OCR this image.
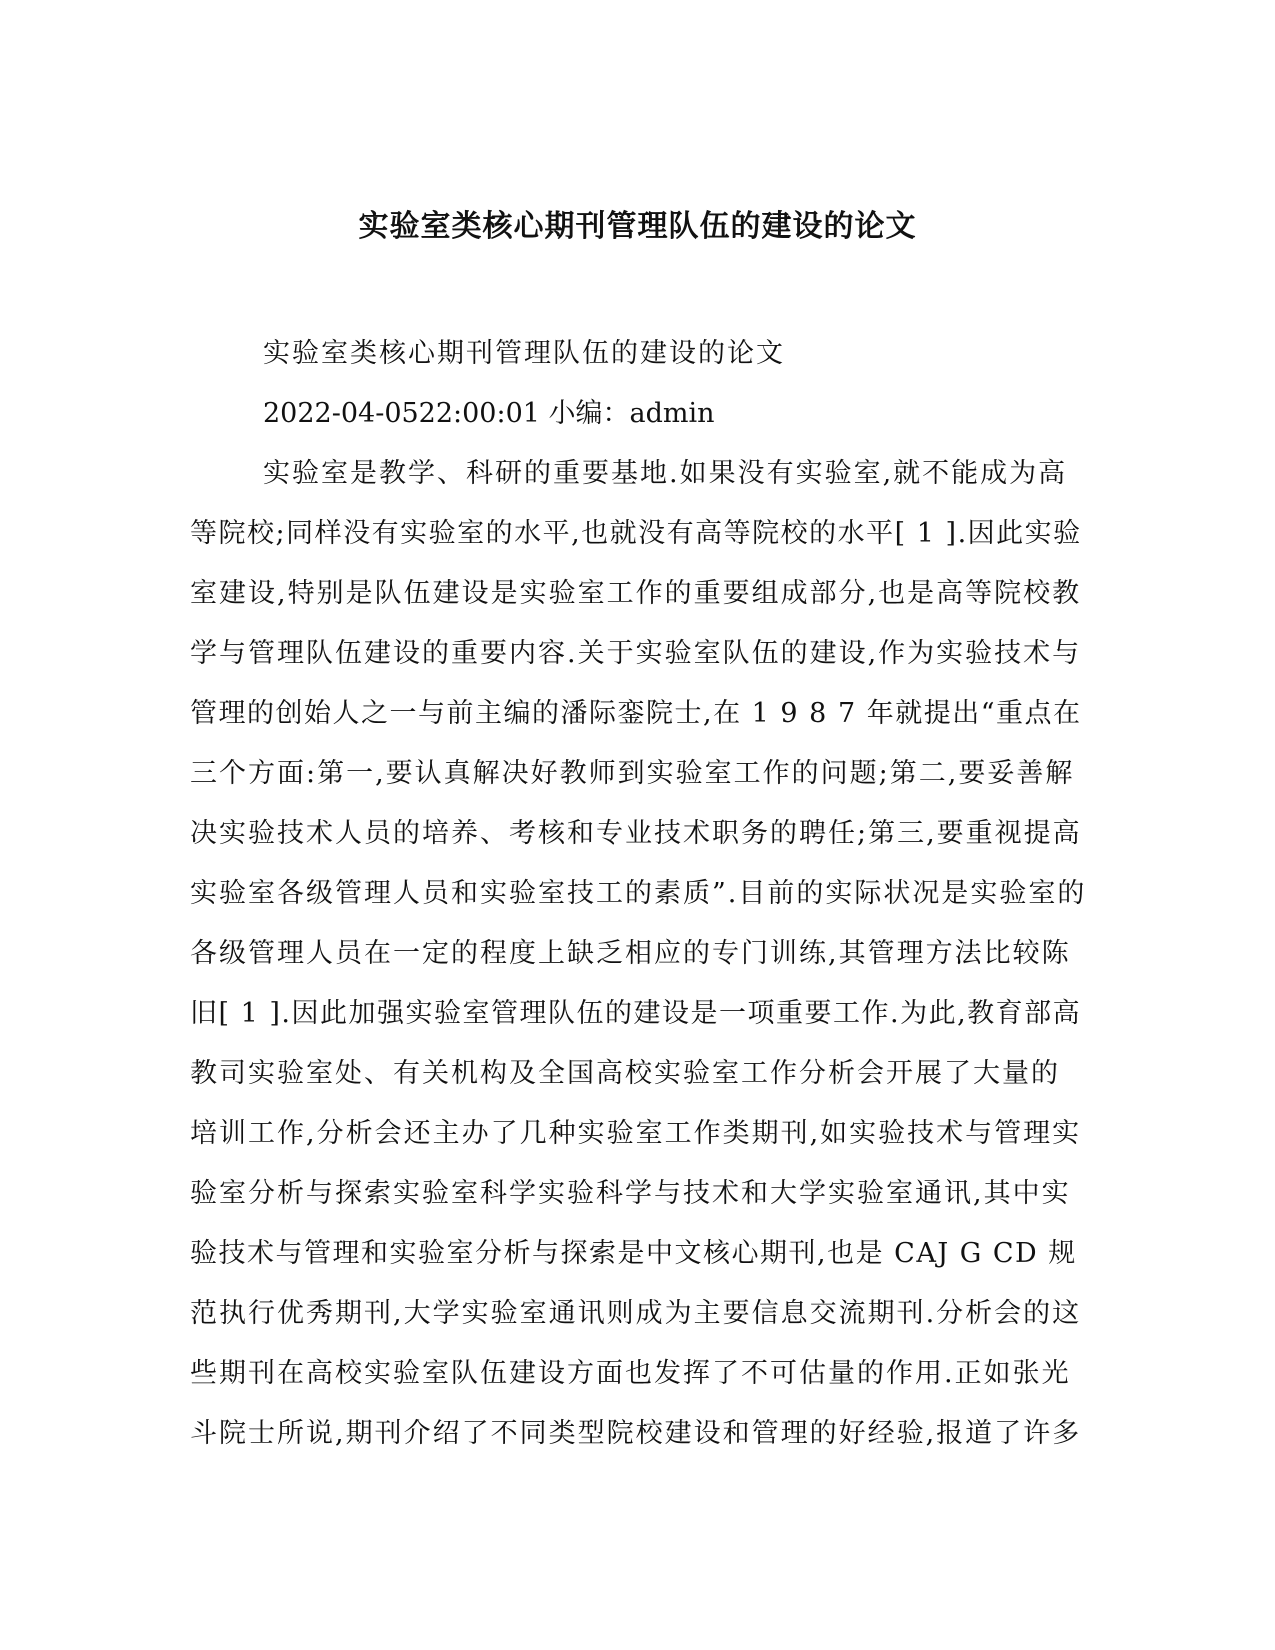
实验室类核心期刊管理队伍的建设的论文
实验室类核心期刊管理队伍的建设的论文
2022-04-0522:00:01 小编：admin
实验室是教学、科研的重要基地.如果没有实验室,就不能成为高
等院校;同样没有实验室的水平,也就没有高等院校的水平[ 1 ].因此实验
室建设,特别是队伍建设是实验室工作的重要组成部分,也是高等院校教
学与管理队伍建设的重要内容.关于实验室队伍的建设,作为实验技术与
管理的创始人之一与前主编的潘际銮院士,在 1 9 8 7 年就提出“重点在
三个方面:第一,要认真解决好教师到实验室工作的问题;第二,要妥善解
决实验技术人员的培养、考核和专业技术职务的聘任;第三,要重视提高
实验室各级管理人员和实验室技工的素质”.目前的实际状况是实验室的
各级管理人员在一定的程度上缺乏相应的专门训练,其管理方法比较陈
旧[ 1 ].因此加强实验室管理队伍的建设是一项重要工作.为此,教育部高
教司实验室处、有关机构及全国高校实验室工作分析会开展了大量的
培训工作,分析会还主办了几种实验室工作类期刊,如实验技术与管理实
验室分析与探索实验室科学实验科学与技术和大学实验室通讯,其中实
验技术与管理和实验室分析与探索是中文核心期刊,也是 CAJ G CD 规
范执行优秀期刊,大学实验室通讯则成为主要信息交流期刊.分析会的这
些期刊在高校实验室队伍建设方面也发挥了不可估量的作用.正如张光
斗院士所说,期刊介绍了不同类型院校建设和管理的好经验,报道了许多
